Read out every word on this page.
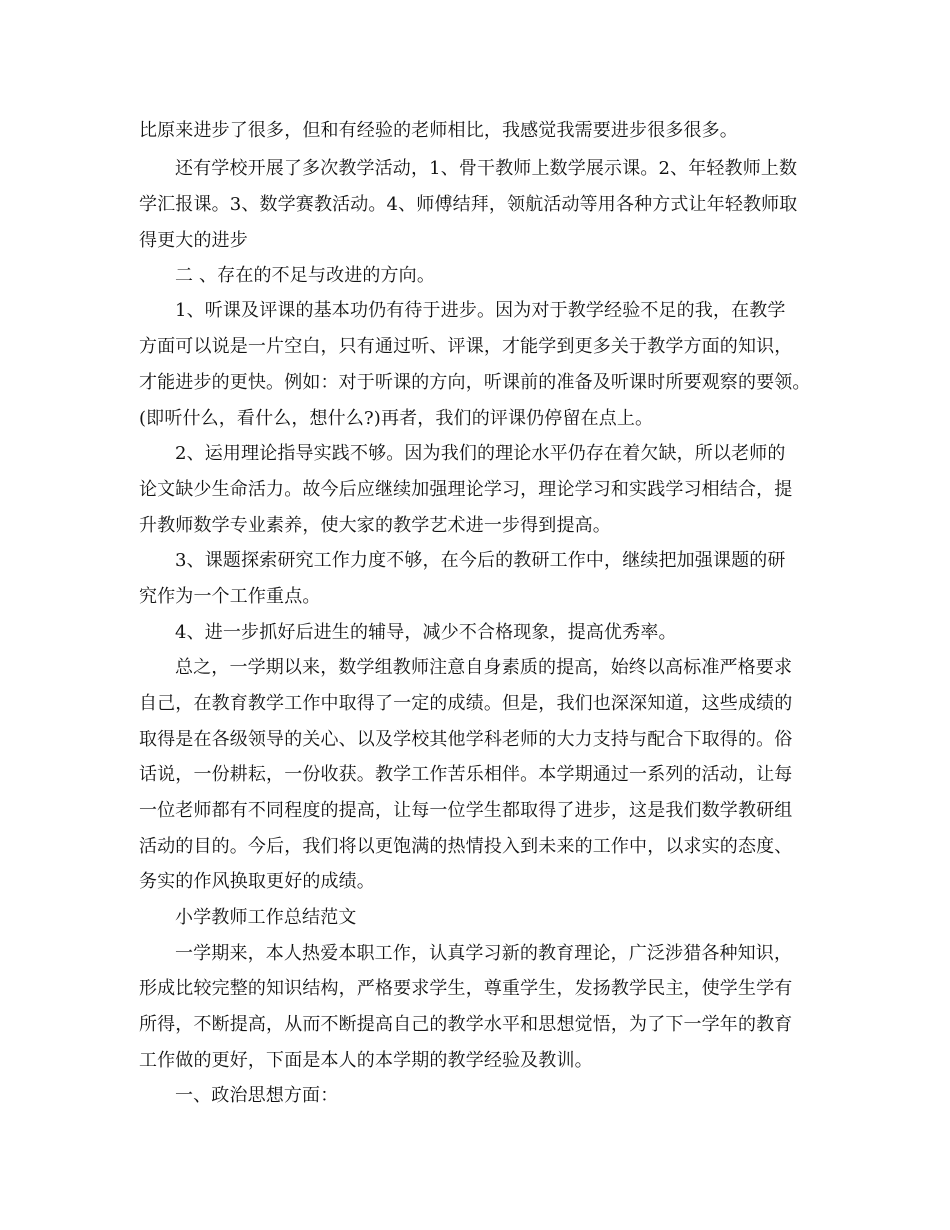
比原来进步了很多，但和有经验的老师相比，我感觉我需要进步很多很多。
还有学校开展了多次教学活动，1、骨干教师上数学展示课。2、年轻教师上数
学汇报课。3、数学赛教活动。4、师傅结拜，领航活动等用各种方式让年轻教师取
得更大的进步
二 、存在的不足与改进的方向。
1、听课及评课的基本功仍有待于进步。因为对于教学经验不足的我，在教学
方面可以说是一片空白，只有通过听、评课，才能学到更多关于教学方面的知识，
才能进步的更快。例如：对于听课的方向，听课前的准备及听课时所要观察的要领。
(即听什么，看什么，想什么?)再者，我们的评课仍停留在点上。
2、运用理论指导实践不够。因为我们的理论水平仍存在着欠缺，所以老师的
论文缺少生命活力。故今后应继续加强理论学习，理论学习和实践学习相结合，提
升教师数学专业素养，使大家的教学艺术进一步得到提高。
3、课题探索研究工作力度不够，在今后的教研工作中，继续把加强课题的研
究作为一个工作重点。
4、进一步抓好后进生的辅导，减少不合格现象，提高优秀率。
总之，一学期以来，数学组教师注意自身素质的提高，始终以高标准严格要求
自己，在教育教学工作中取得了一定的成绩。但是，我们也深深知道，这些成绩的
取得是在各级领导的关心、以及学校其他学科老师的大力支持与配合下取得的。俗
话说，一份耕耘，一份收获。教学工作苦乐相伴。本学期通过一系列的活动，让每
一位老师都有不同程度的提高，让每一位学生都取得了进步，这是我们数学教研组
活动的目的。今后，我们将以更饱满的热情投入到未来的工作中，以求实的态度、
务实的作风换取更好的成绩。
小学教师工作总结范文
一学期来，本人热爱本职工作，认真学习新的教育理论，广泛涉猎各种知识，
形成比较完整的知识结构，严格要求学生，尊重学生，发扬教学民主，使学生学有
所得，不断提高，从而不断提高自己的教学水平和思想觉悟，为了下一学年的教育
工作做的更好，下面是本人的本学期的教学经验及教训。
一、政治思想方面：
